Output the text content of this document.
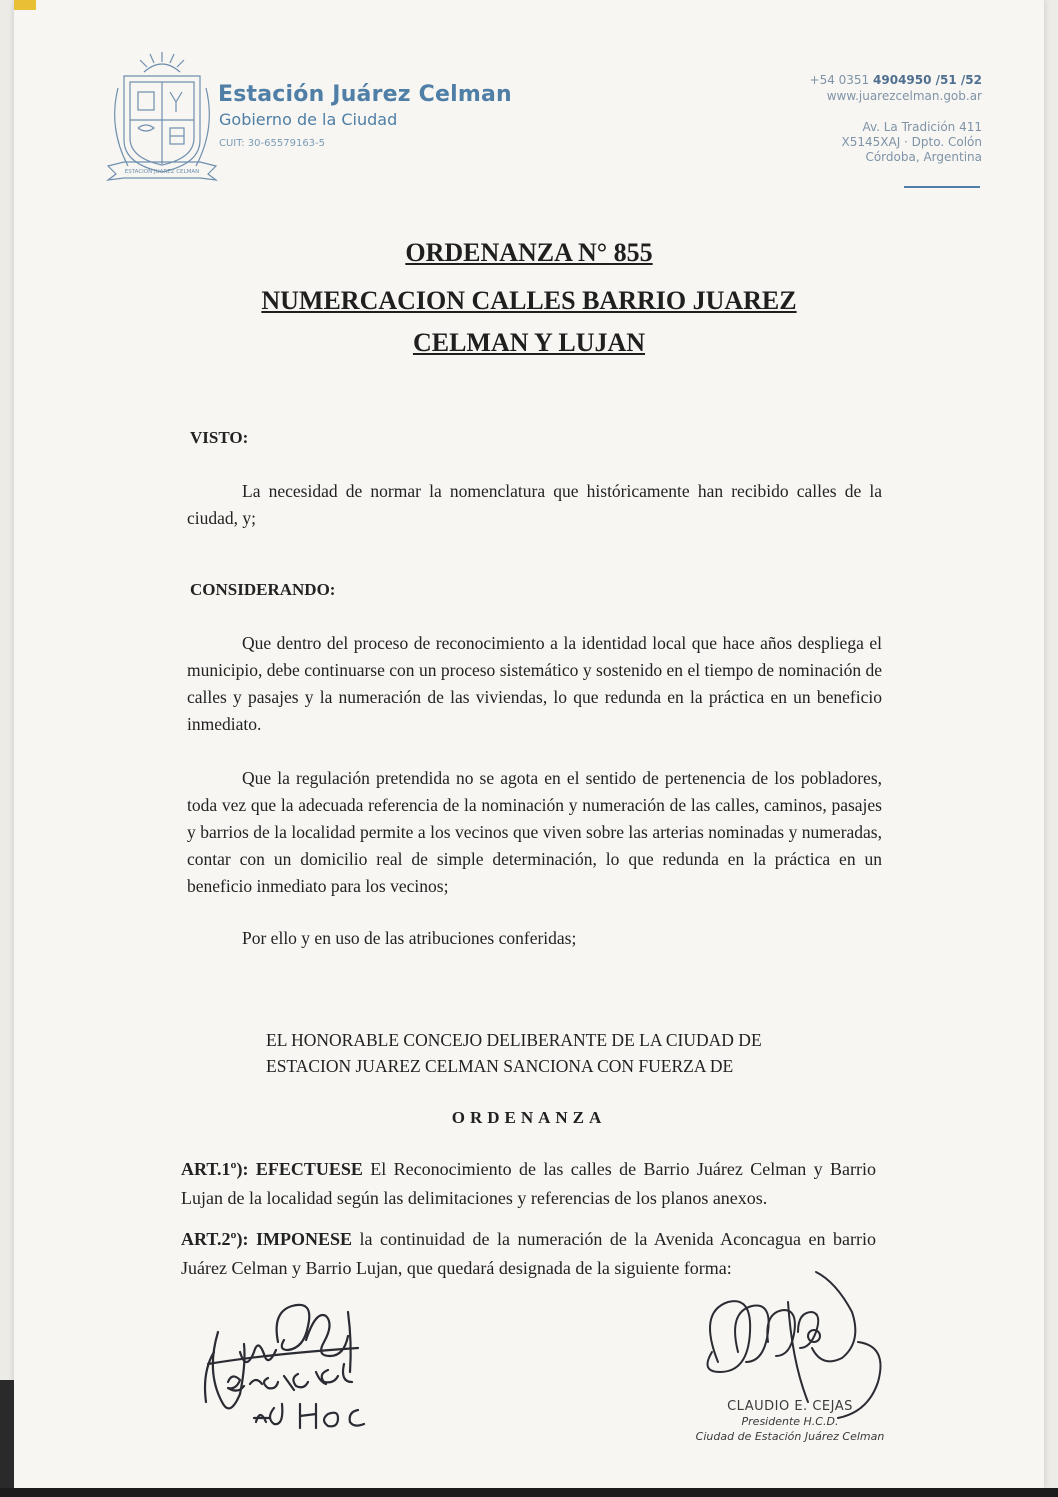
ESTACION JUAREZ CELMAN
Estación Juárez Celman
Gobierno de la Ciudad
CUIT: 30-65579163-5
+54 0351 4904950 /51 /52
www.juarezcelman.gob.ar
Av. La Tradición 411
X5145XAJ · Dpto. Colón
Córdoba, Argentina
ORDENANZA N° 855
NUMERCACION CALLES BARRIO JUAREZ
CELMAN Y LUJAN
VISTO:
La necesidad de normar la nomenclatura que históricamente han recibido calles de la ciudad, y;
CONSIDERANDO:
Que dentro del proceso de reconocimiento a la identidad local que hace años despliega el municipio, debe continuarse con un proceso sistemático y sostenido en el tiempo de nominación de calles y pasajes y la numeración de las viviendas, lo que redunda en la práctica en un beneficio inmediato.
Que la regulación pretendida no se agota en el sentido de pertenencia de los pobladores, toda vez que la adecuada referencia de la nominación y numeración de las calles, caminos, pasajes y barrios de la localidad permite a los vecinos que viven sobre las arterias nominadas y numeradas, contar con un domicilio real de simple determinación, lo que redunda en la práctica en un beneficio inmediato para los vecinos;
Por ello y en uso de las atribuciones conferidas;
EL HONORABLE CONCEJO DELIBERANTE DE LA CIUDAD DE
ESTACION JUAREZ CELMAN SANCIONA CON FUERZA DE
ORDENANZA
ART.1º): EFECTUESE El Reconocimiento de las calles de Barrio Juárez Celman y Barrio Lujan de la localidad según las delimitaciones y referencias de los planos anexos.
ART.2º): IMPONESE la continuidad de la numeración de la Avenida Aconcagua en barrio Juárez Celman y Barrio Lujan, que quedará designada de la siguiente forma:
CLAUDIO E. CEJAS
Presidente H.C.D.
Ciudad de Estación Juárez Celman
